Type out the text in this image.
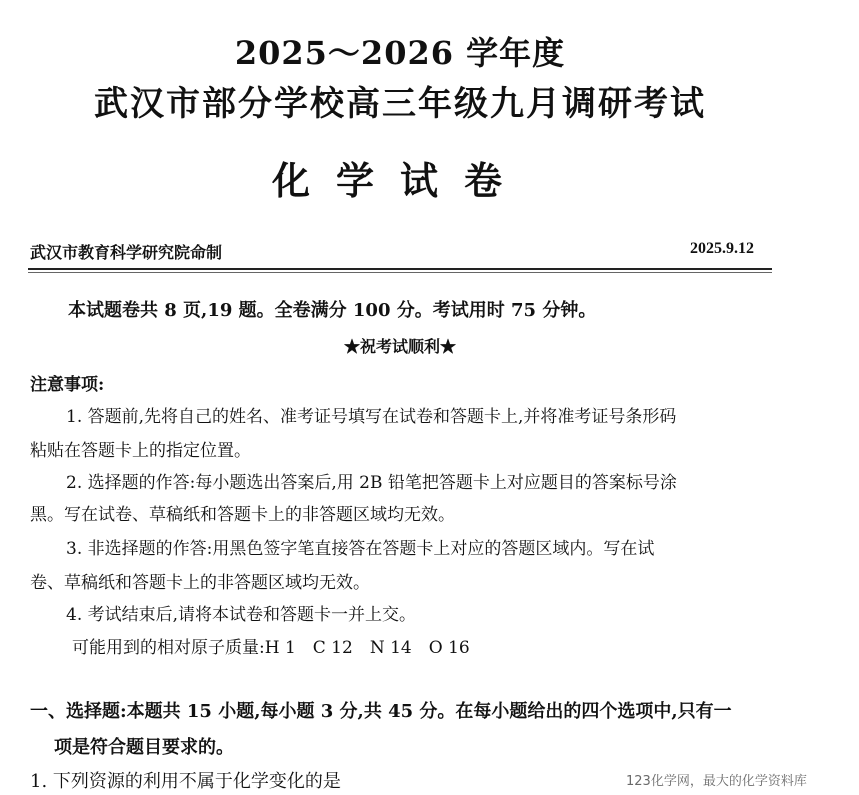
2025～2026 学年度
武汉市部分学校高三年级九月调研考试
化学试卷
武汉市教育科学研究院命制	2025.9.12
本试题卷共 8 页,19 题。全卷满分 100 分。考试用时 75 分钟。
★祝考试顺利★
注意事项:
1. 答题前,先将自己的姓名、准考证号填写在试卷和答题卡上,并将准考证号条形码
粘贴在答题卡上的指定位置。
2. 选择题的作答:每小题选出答案后,用 2B 铅笔把答题卡上对应题目的答案标号涂
黑。写在试卷、草稿纸和答题卡上的非答题区域均无效。
3. 非选择题的作答:用黑色签字笔直接答在答题卡上对应的答题区域内。写在试
卷、草稿纸和答题卡上的非答题区域均无效。
4. 考试结束后,请将本试卷和答题卡一并上交。
可能用到的相对原子质量:H 1　C 12　N 14　O 16
一、选择题:本题共 15 小题,每小题 3 分,共 45 分。在每小题给出的四个选项中,只有一
项是符合题目要求的。
1. 下列资源的利用不属于化学变化的是	123化学网，最大的化学资料库
